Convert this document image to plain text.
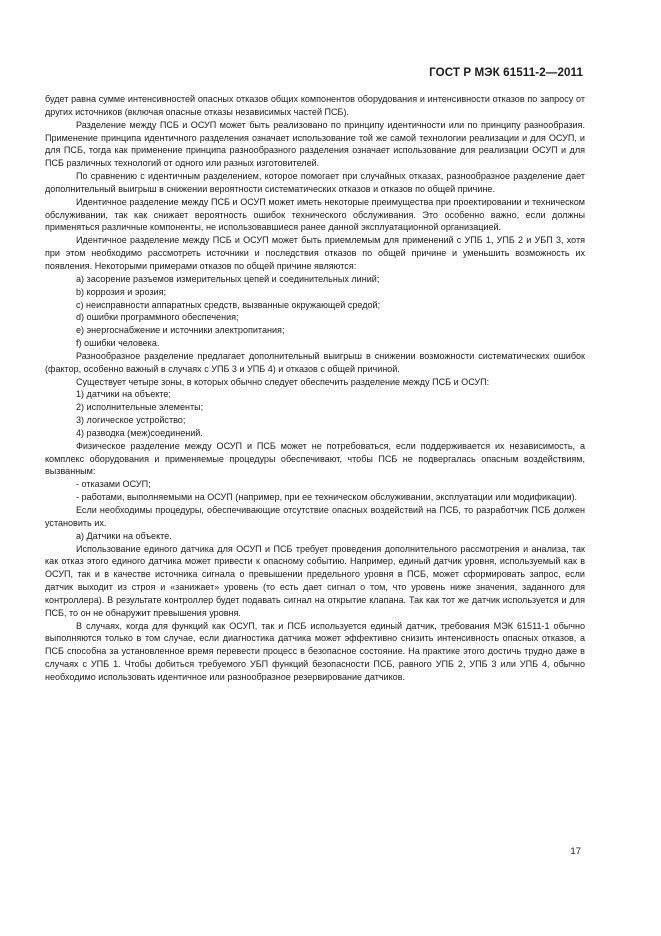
ГОСТ Р МЭК 61511-2—2011

будет равна сумме интенсивностей опасных отказов общих компонентов оборудования и интенсивности отказов по запросу от других источников (включая опасные отказы независимых частей ПСБ).

Разделение между ПСБ и ОСУП может быть реализовано по принципу идентичности или по принципу разнообразия. Применение принципа идентичного разделения означает использование той же самой технологии реализации и для ОСУП, и для ПСБ, тогда как применение принципа разнообразного разделения означает использование для реализации ОСУП и для ПСБ различных технологий от одного или разных изготовителей.

По сравнению с идентичным разделением, которое помогает при случайных отказах, разнообразное разделение дает дополнительный выигрыш в снижении вероятности систематических отказов и отказов по общей причине.

Идентичное разделение между ПСБ и ОСУП может иметь некоторые преимущества при проектировании и техническом обслуживании, так как снижает вероятность ошибок технического обслуживания. Это особенно важно, если должны применяться различные компоненты, не использовавшиеся ранее данной эксплуатационной организацией.

Идентичное разделение между ПСБ и ОСУП может быть приемлемым для применений с УПБ 1, УПБ 2 и УБП 3, хотя при этом необходимо рассмотреть источники и последствия отказов по общей причине и уменьшить возможность их появления. Некоторыми примерами отказов по общей причине являются:

a) засорение разъемов измерительных цепей и соединительных линий;

b) коррозия и эрозия;

c) неисправности аппаратных средств, вызванные окружающей средой;

d) ошибки программного обеспечения;

e) энергоснабжение и источники электропитания;

f) ошибки человека.

Разнообразное разделение предлагает дополнительный выигрыш в снижении возможности систематических ошибок (фактор, особенно важный в случаях с УПБ 3 и УПБ 4) и отказов с общей причиной.

Существует четыре зоны, в которых обычно следует обеспечить разделение между ПСБ и ОСУП:

1) датчики на объекте;

2) исполнительные элементы;

3) логическое устройство;

4) разводка (меж)соединений.

Физическое разделение между ОСУП и ПСБ может не потребоваться, если поддерживается их независимость, а комплекс оборудования и применяемые процедуры обеспечивают, чтобы ПСБ не подвергалась опасным воздействиям, вызванным:

- отказами ОСУП;

- работами, выполняемыми на ОСУП (например, при ее техническом обслуживании, эксплуатации или модификации).

Если необходимы процедуры, обеспечивающие отсутствие опасных воздействий на ПСБ, то разработчик ПСБ должен установить их.

а) Датчики на объекте.

Использование единого датчика для ОСУП и ПСБ требует проведения дополнительного рассмотрения и анализа, так как отказ этого единого датчика может привести к опасному событию. Например, единый датчик уровня, используемый как в ОСУП, так и в качестве источника сигнала о превышении предельного уровня в ПСБ, может сформировать запрос, если датчик выходит из строя и «занижает» уровень (то есть дает сигнал о том, что уровень ниже значения, заданного для контроллера). В результате контроллер будет подавать сигнал на открытие клапана. Так как тот же датчик используется и для ПСБ, то он не обнаружит превышения уровня.

В случаях, когда для функций как ОСУП, так и ПСБ используется единый датчик, требования МЭК 61511-1 обычно выполняются только в том случае, если диагностика датчика может эффективно снизить интенсивность опасных отказов, а ПСБ способна за установленное время перевести процесс в безопасное состояние. На практике этого достичь трудно даже в случаях с УПБ 1. Чтобы добиться требуемого УБП функций безопасности ПСБ, равного УПБ 2, УПБ 3 или УПБ 4, обычно необходимо использовать идентичное или разнообразное резервирование датчиков.

17
